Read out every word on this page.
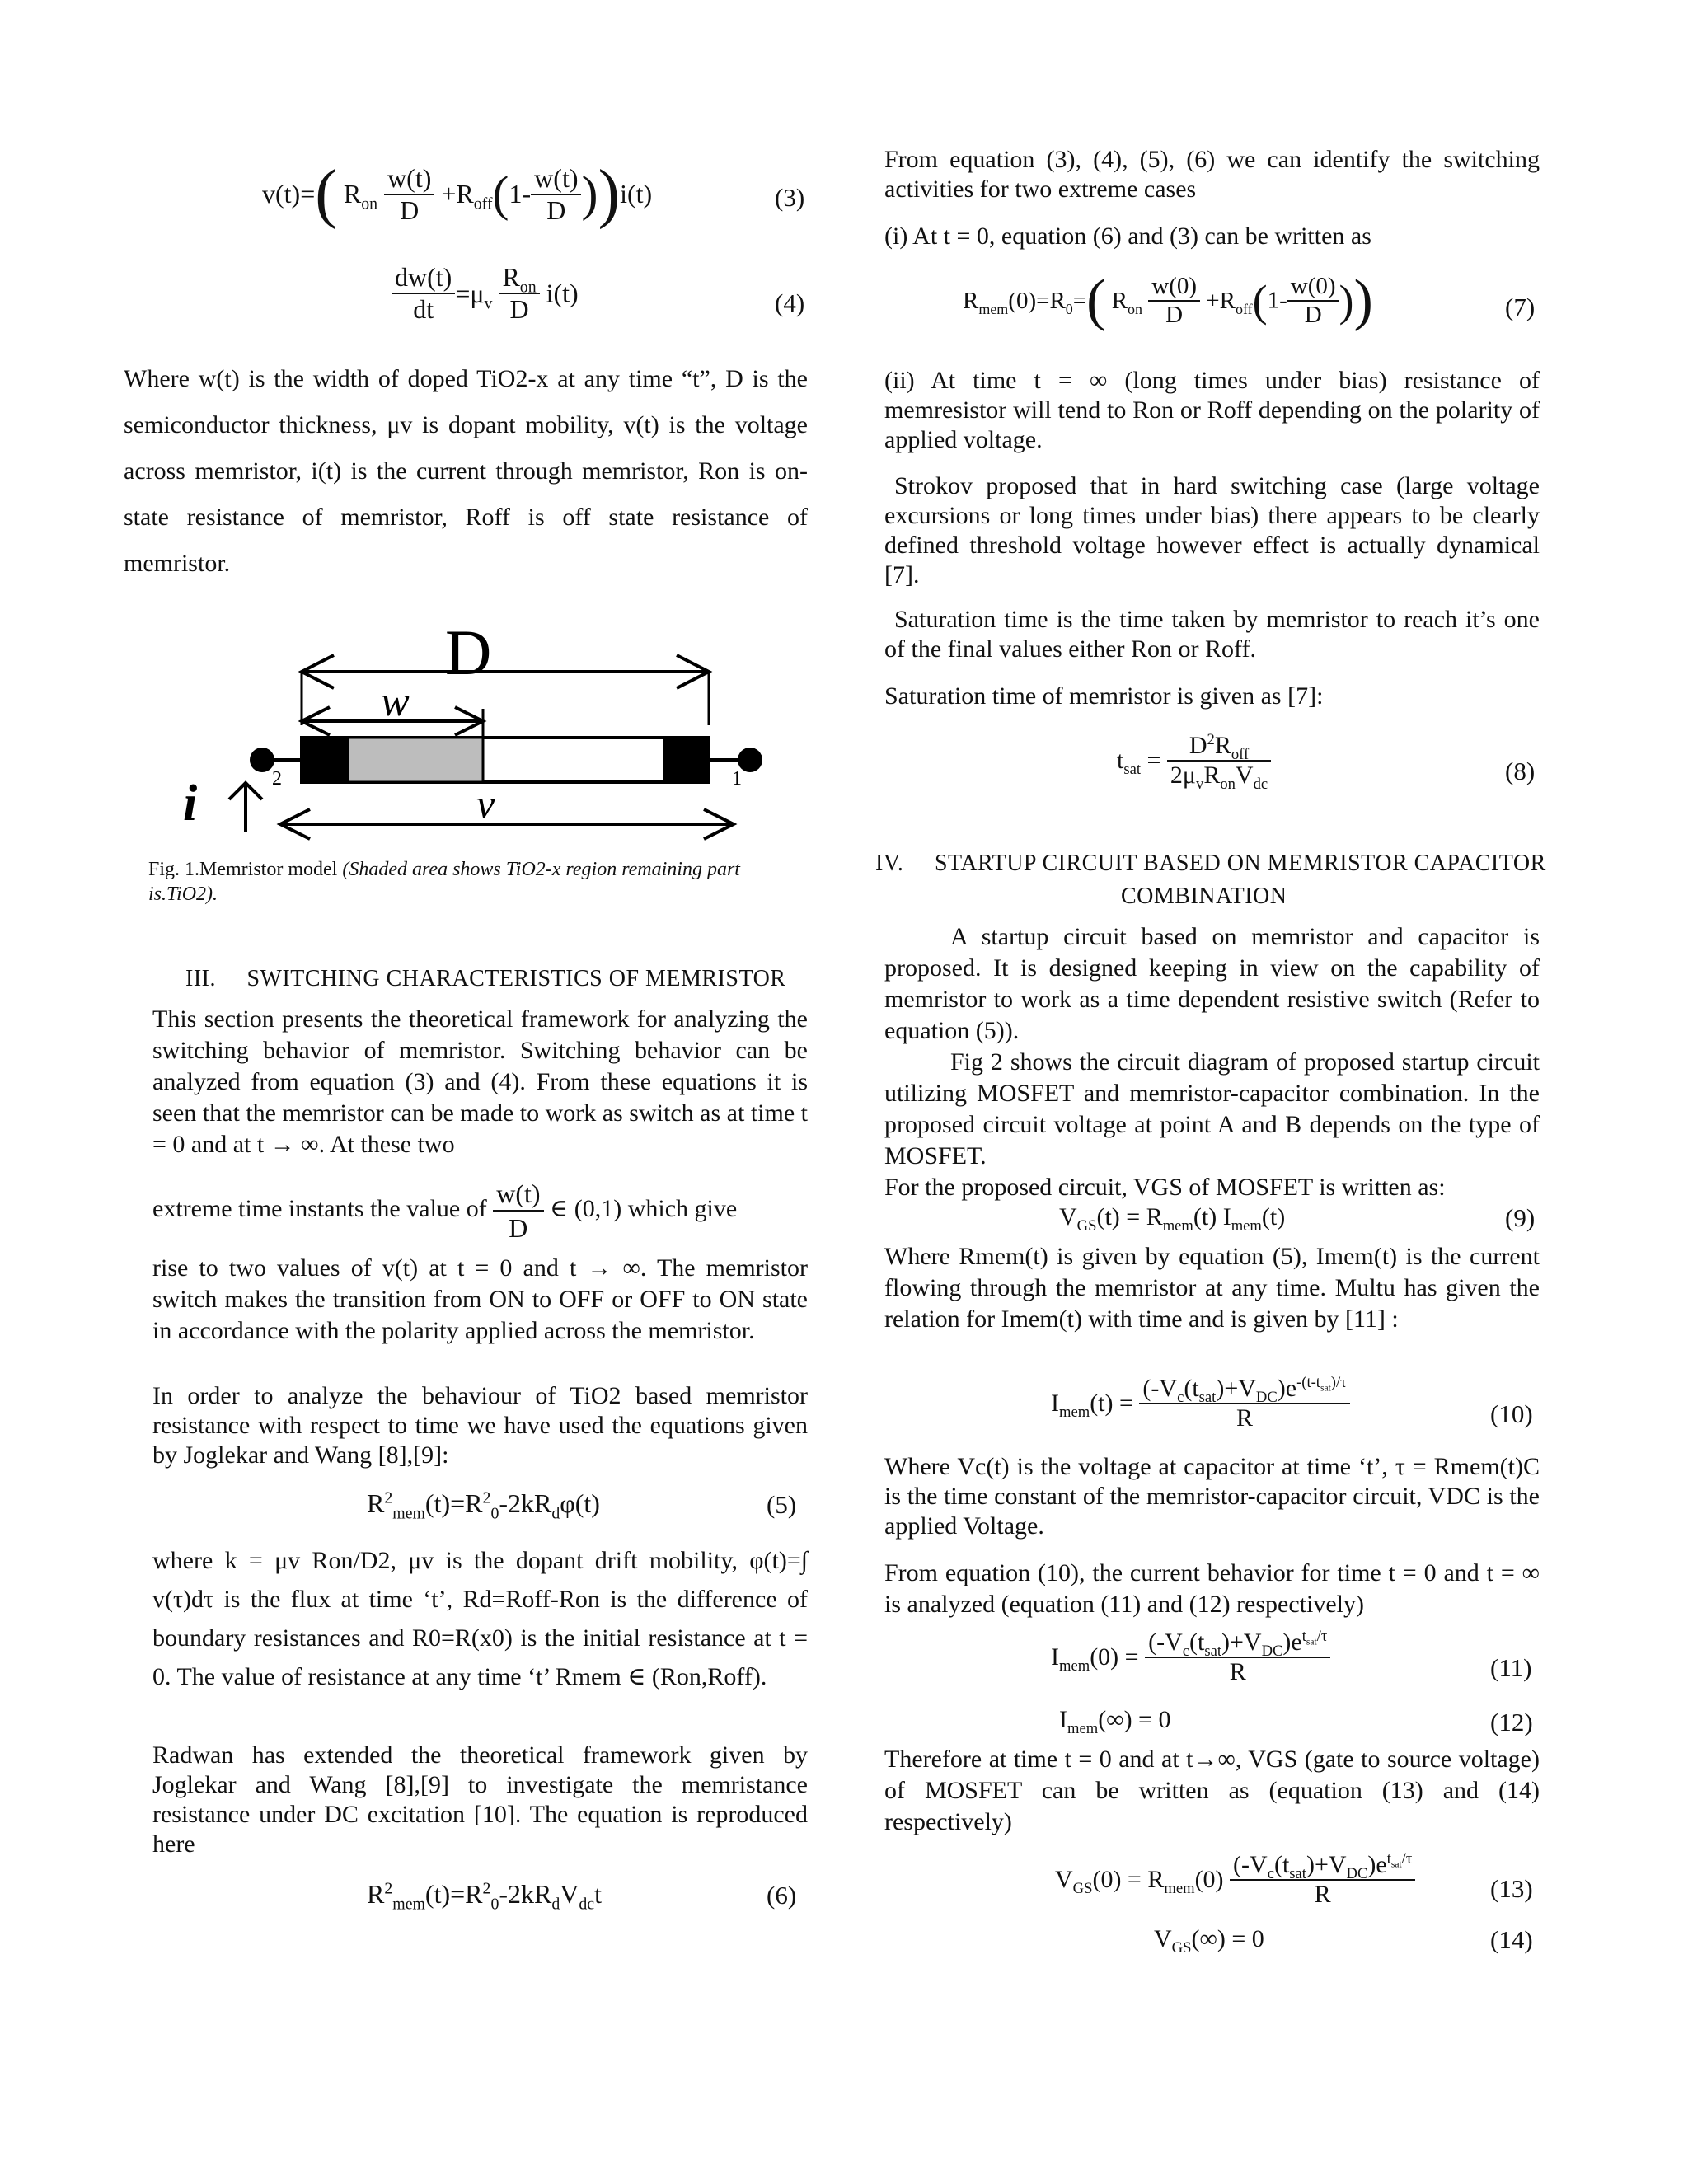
v(t)=( $R_{on} \frac{w(t)}{D} +R_{off}(1- \frac{w(t)}{D} ))i(t)$	(3)
$\frac{dw(t)}{dt} =\mu_v \frac{R_{on}}{D} i(t)$	(4)
Where w(t) is the width of doped TiO2-x at any time “t”, D is the semiconductor thickness, μv is dopant mobility, v(t) is the voltage across memristor, i(t) is the current through memristor, Ron is on-state resistance of memristor, Roff is off state resistance of memristor.
D
w
2	1
i	v
Fig. 1.Memristor model (Shaded area shows TiO2-x region remaining part is.TiO2).
III. SWITCHING CHARACTERISTICS OF MEMRISTOR
This section presents the theoretical framework for analyzing the switching behavior of memristor. Switching behavior can be analyzed from equation (3) and (4). From these equations it is seen that the memristor can be made to work as switch as at time t = 0 and at t → ∞. At these two
extreme time instants the value of $\frac{w(t)}{D}$ ∈ (0,1) which give
rise to two values of v(t) at t = 0 and t → ∞. The memristor switch makes the transition from ON to OFF or OFF to ON state in accordance with the polarity applied across the memristor.
In order to analyze the behaviour of TiO2 based memristor resistance with respect to time we have used the equations given by Joglekar and Wang [8],[9]:
$R^2_{mem}(t)=R^2_0-2kR_d\varphi(t)$	(5)
where k = μv Ron/D2, μv is the dopant drift mobility, φ(t)=∫ v(τ)dτ is the flux at time ‘t’, Rd=Roff-Ron is the difference of boundary resistances and R0=R(x0) is the initial resistance at t = 0. The value of resistance at any time ‘t’ Rmem ∈ (Ron,Roff).
Radwan has extended the theoretical framework given by Joglekar and Wang [8],[9] to investigate the memristance resistance under DC excitation [10]. The equation is reproduced here
$R^2_{mem}(t)=R^2_0-2kR_dV_{dc}t$	(6)
From equation (3), (4), (5), (6) we can identify the switching activities for two extreme cases
(i) At t = 0, equation (6) and (3) can be written as
$R_{mem}(0)=R_0=$( $R_{on} \frac{w(0)}{D} +R_{off}(1- \frac{w(0)}{D}$ ))	(7)
(ii) At time t = ∞ (long times under bias) resistance of memresistor will tend to Ron or Roff depending on the polarity of applied voltage.
Strokov proposed that in hard switching case (large voltage excursions or long times under bias) there appears to be clearly defined threshold voltage however effect is actually dynamical [7].
Saturation time is the time taken by memristor to reach it’s one of the final values either Ron or Roff.
Saturation time of memristor is given as [7]:
$t_{sat} = \frac{D^2R_{off}}{2\mu_vR_{on}V_{dc}}$	(8)
IV. STARTUP CIRCUIT BASED ON MEMRISTOR CAPACITOR
COMBINATION
A startup circuit based on memristor and capacitor is proposed. It is designed keeping in view on the capability of memristor to work as a time dependent resistive switch (Refer to equation (5)).
Fig 2 shows the circuit diagram of proposed startup circuit utilizing MOSFET and memristor-capacitor combination. In the proposed circuit voltage at point A and B depends on the type of MOSFET.
For the proposed circuit, VGS of MOSFET is written as:
$V_{GS}(t) = R_{mem}(t)$ $I_{mem}(t)$	(9)
Where Rmem(t) is given by equation (5), Imem(t) is the current flowing through the memristor at any time. Multu has given the relation for Imem(t) with time and is given by [11] :
$I_{mem}(t) = \frac{(-V_c(t_{sat})+V_{DC})e^{-(t-t_{sat})/\tau}}{R}$	(10)
Where Vc(t) is the voltage at capacitor at time ‘t’, τ = Rmem(t)C is the time constant of the memristor-capacitor circuit, VDC is the applied Voltage.
From equation (10), the current behavior for time t = 0 and t = ∞ is analyzed (equation (11) and (12) respectively)
$I_{mem}(0) = \frac{(-V_c(t_{sat})+V_{DC})e^{t_{sat}/\tau}}{R}$	(11)
$I_{mem}(\infty) = 0$	(12)
Therefore at time t = 0 and at t→∞, VGS (gate to source voltage) of MOSFET can be written as (equation (13) and (14) respectively)
$V_{GS}(0) = R_{mem}(0) \frac{(-V_c(t_{sat})+V_{DC})e^{t_{sat}/\tau}}{R}$	(13)
$V_{GS}(\infty) = 0$	(14)
